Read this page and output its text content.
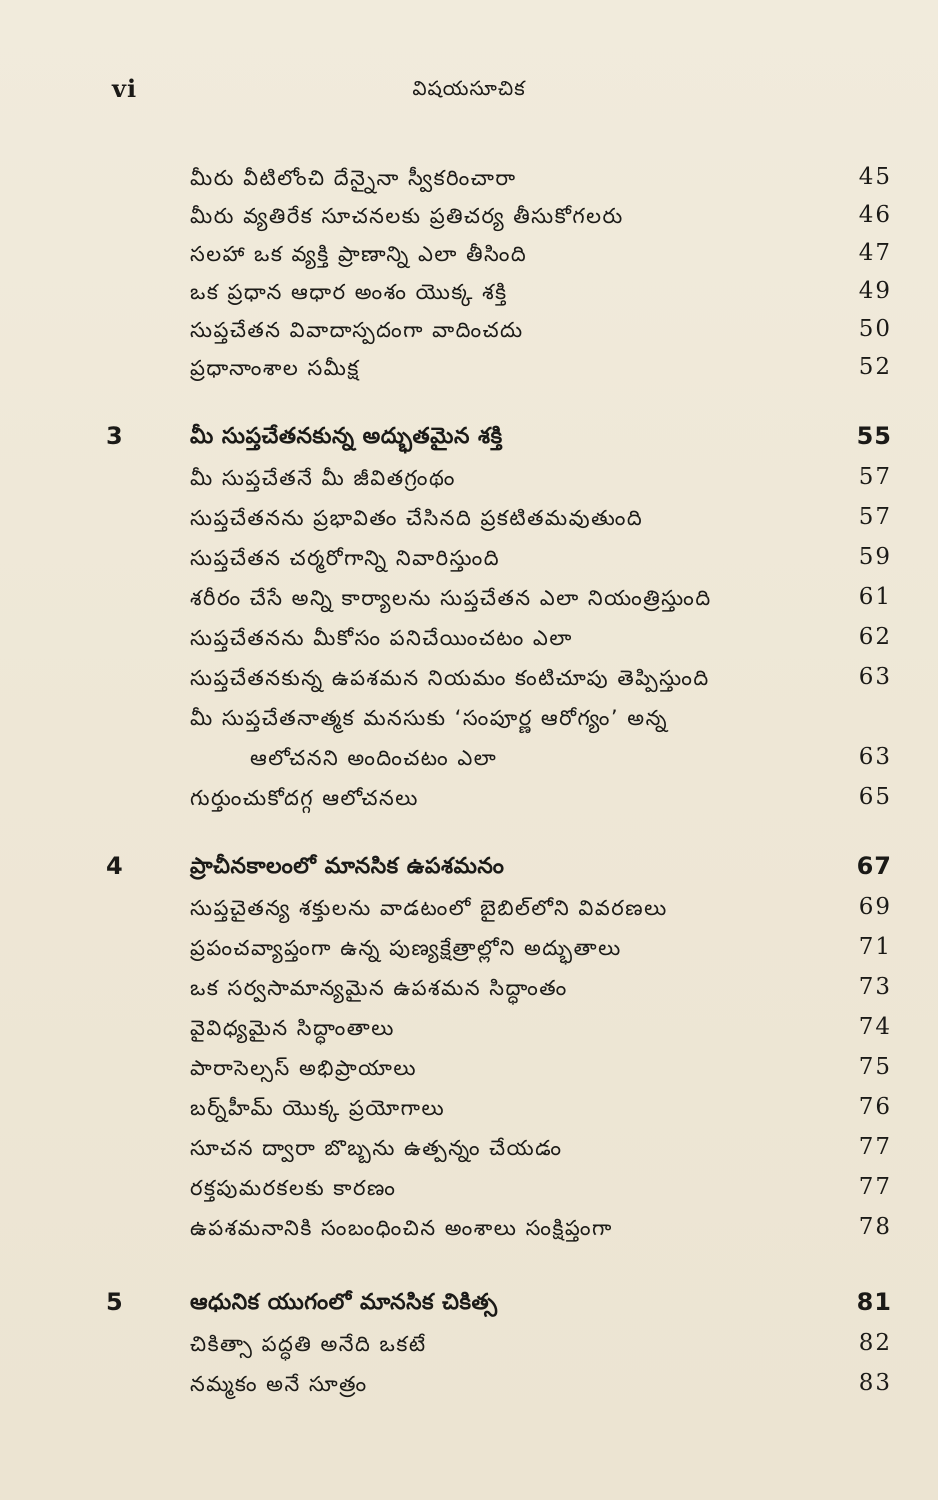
vi	విషయసూచిక
మీరు వీటిలోంచి దేన్నైనా స్వీకరించారా	45
మీరు వ్యతిరేక సూచనలకు ప్రతిచర్య తీసుకోగలరు	46
సలహా ఒక వ్యక్తి ప్రాణాన్ని ఎలా తీసింది	47
ఒక ప్రధాన ఆధార అంశం యొక్క శక్తి	49
సుప్తచేతన వివాదాస్పదంగా వాదించదు	50
ప్రధానాంశాల సమీక్ష	52
3	మీ సుప్తచేతనకున్న అద్భుతమైన శక్తి	55
మీ సుప్తచేతనే మీ జీవితగ్రంథం	57
సుప్తచేతనను ప్రభావితం చేసినది ప్రకటితమవుతుంది	57
సుప్తచేతన చర్మరోగాన్ని నివారిస్తుంది	59
శరీరం చేసే అన్ని కార్యాలను సుప్తచేతన ఎలా నియంత్రిస్తుంది	61
సుప్తచేతనను మీకోసం పనిచేయించటం ఎలా	62
సుప్తచేతనకున్న ఉపశమన నియమం కంటిచూపు తెప్పిస్తుంది	63
మీ సుప్తచేతనాత్మక మనసుకు ‘సంపూర్ణ ఆరోగ్యం’ అన్న
ఆలోచనని అందించటం ఎలా	63
గుర్తుంచుకోదగ్గ ఆలోచనలు	65
4	ప్రాచీనకాలంలో మానసిక ఉపశమనం	67
సుప్తచైతన్య శక్తులను వాడటంలో బైబిల్‌లోని వివరణలు	69
ప్రపంచవ్యాప్తంగా ఉన్న పుణ్యక్షేత్రాల్లోని అద్భుతాలు	71
ఒక సర్వసామాన్యమైన ఉపశమన సిద్ధాంతం	73
వైవిధ్యమైన సిద్ధాంతాలు	74
పారాసెల్సస్ అభిప్రాయాలు	75
బర్న్‌హీమ్ యొక్క ప్రయోగాలు	76
సూచన ద్వారా బొబ్బను ఉత్పన్నం చేయడం	77
రక్తపుమరకలకు కారణం	77
ఉపశమనానికి సంబంధించిన అంశాలు సంక్షిప్తంగా	78
5	ఆధునిక యుగంలో మానసిక చికిత్స	81
చికిత్సా పద్ధతి అనేది ఒకటే	82
నమ్మకం అనే సూత్రం	83
